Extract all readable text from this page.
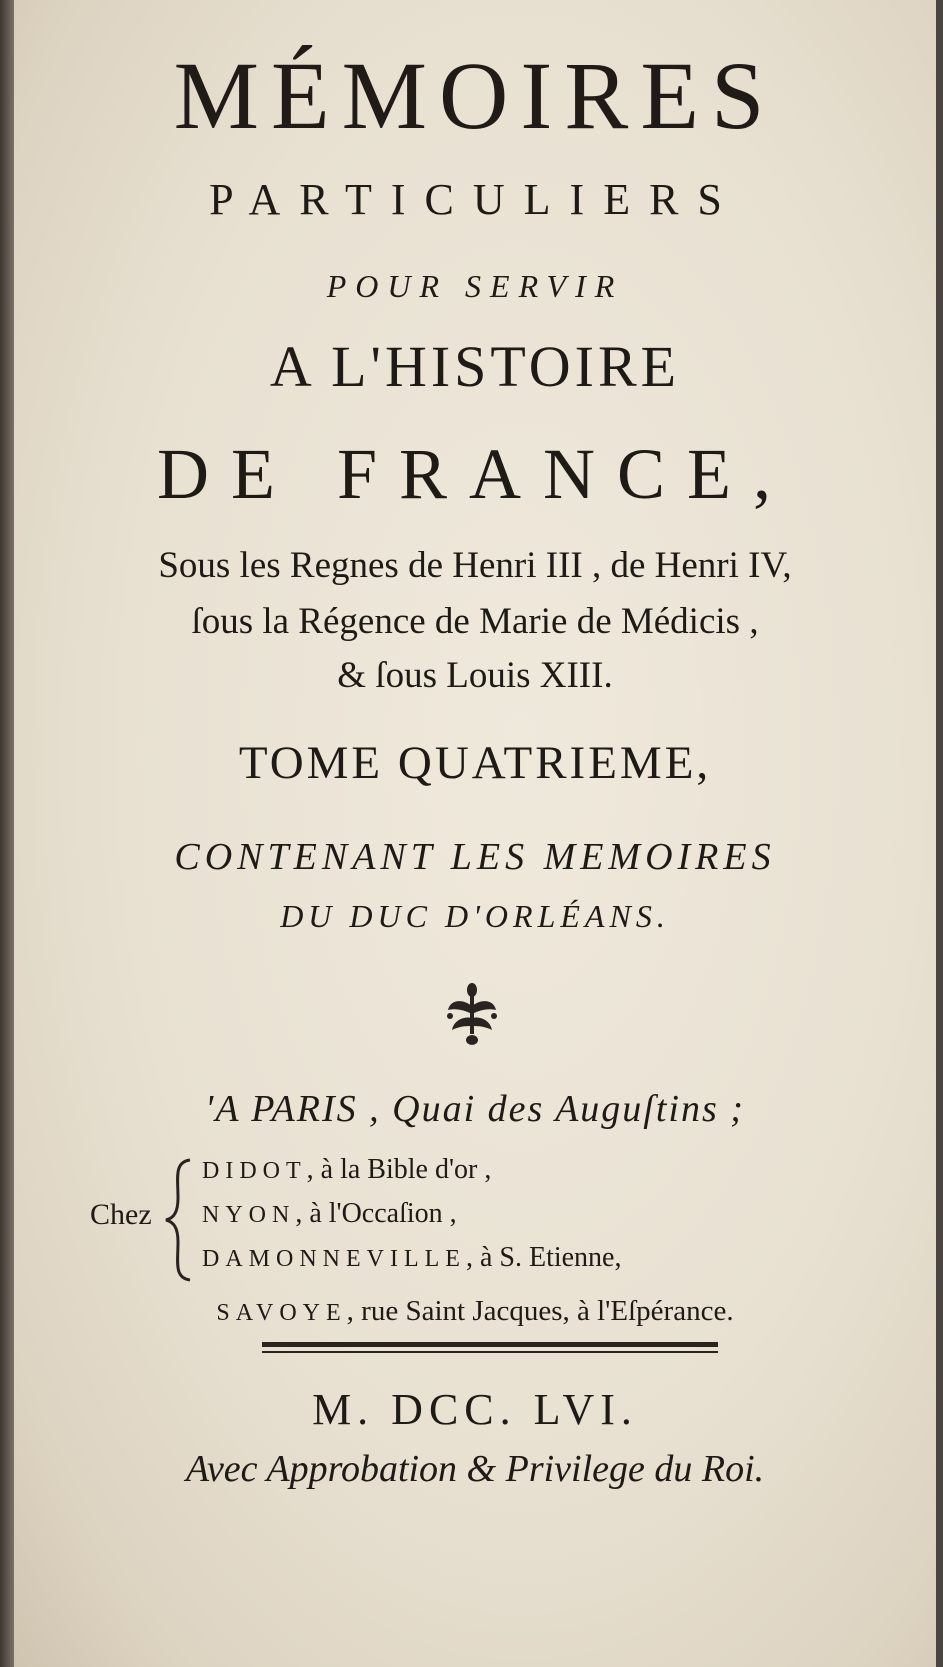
MÉMOIRES
PARTICULIERS
POUR SERVIR
A L'HISTOIRE
DE FRANCE,
Sous les Regnes de Henri III , de Henri IV,
ſous la Régence de Marie de Médicis ,
& ſous Louis XIII.
TOME QUATRIEME,
CONTENANT LES MEMOIRES
DU DUC D'ORLÉANS.
'A PARIS , Quai des Auguſtins ;
Chez
DIDOT, à la Bible d'or ,
NYON, à l'Occaſion ,
DAMONNEVILLE, à S. Etienne,
SAVOYE, rue Saint Jacques, à l'Eſpérance.
M. DCC. LVI.
Avec Approbation & Privilege du Roi.
